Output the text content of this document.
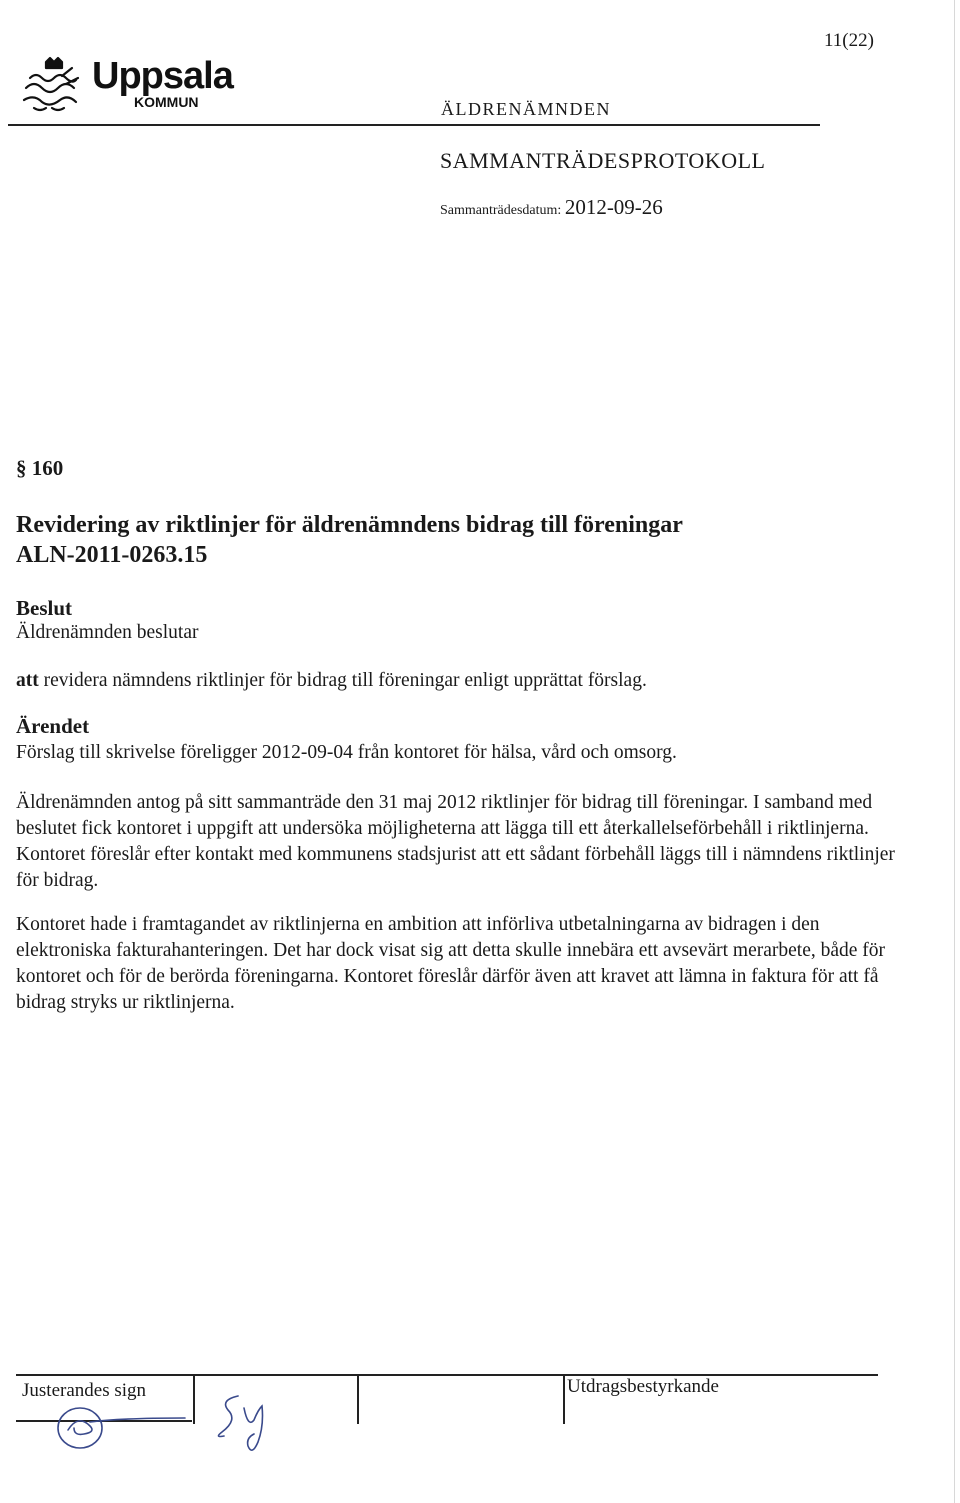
11(22)
Uppsala
KOMMUN	ÄLDRENÄMNDEN
SAMMANTRÄDESPROTOKOLL
Sammanträdesdatum: 2012-09-26
§ 160
Revidering av riktlinjer för äldrenämndens bidrag till föreningar
ALN-2011-0263.15
Beslut
Äldrenämnden beslutar
att revidera nämndens riktlinjer för bidrag till föreningar enligt upprättat förslag.
Ärendet
Förslag till skrivelse föreligger 2012-09-04 från kontoret för hälsa, vård och omsorg.
Äldrenämnden antog på sitt sammanträde den 31 maj 2012 riktlinjer för bidrag till föreningar. I samband med beslutet fick kontoret i uppgift att undersöka möjligheterna att lägga till ett återkallelseförbehåll i riktlinjerna. Kontoret föreslår efter kontakt med kommunens stadsjurist att ett sådant förbehåll läggs till i nämndens riktlinjer för bidrag.
Kontoret hade i framtagandet av riktlinjerna en ambition att införliva utbetalningarna av bidragen i den elektroniska fakturahanteringen. Det har dock visat sig att detta skulle innebära ett avsevärt merarbete, både för kontoret och för de berörda föreningarna. Kontoret föreslår därför även att kravet att lämna in faktura för att få bidrag stryks ur riktlinjerna.
Justerandes sign	Utdragsbestyrkande
